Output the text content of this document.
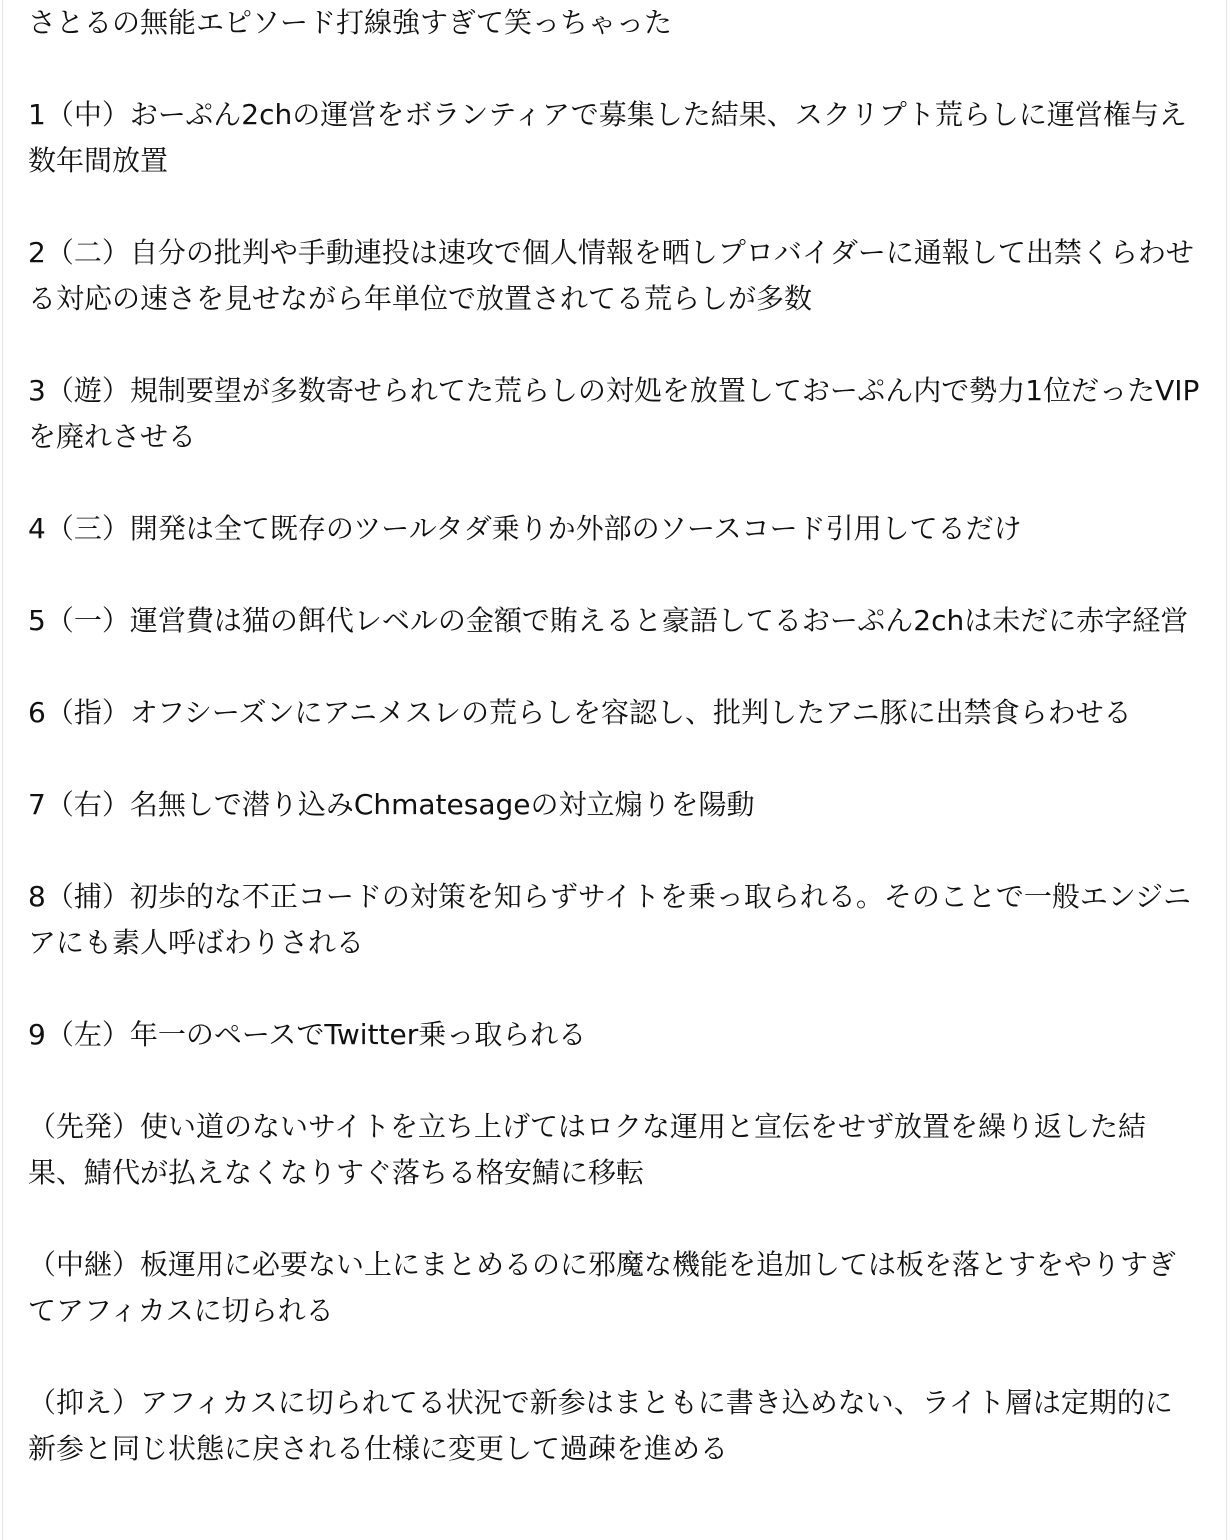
さとるの無能エピソード打線強すぎて笑っちゃった

1（中）おーぷん2chの運営をボランティアで募集した結果、スクリプト荒らしに運営権与え数年間放置

2（二）自分の批判や手動連投は速攻で個人情報を晒しプロバイダーに通報して出禁くらわせる対応の速さを見せながら年単位で放置されてる荒らしが多数

3（遊）規制要望が多数寄せられてた荒らしの対処を放置しておーぷん内で勢力1位だったVIPを廃れさせる

4（三）開発は全て既存のツールタダ乗りか外部のソースコード引用してるだけ

5（一）運営費は猫の餌代レベルの金額で賄えると豪語してるおーぷん2chは未だに赤字経営

6（指）オフシーズンにアニメスレの荒らしを容認し、批判したアニ豚に出禁食らわせる

7（右）名無しで潜り込みChmatesageの対立煽りを陽動

8（捕）初歩的な不正コードの対策を知らずサイトを乗っ取られる。そのことで一般エンジニアにも素人呼ばわりされる

9（左）年一のペースでTwitter乗っ取られる

（先発）使い道のないサイトを立ち上げてはロクな運用と宣伝をせず放置を繰り返した結果、鯖代が払えなくなりすぐ落ちる格安鯖に移転

（中継）板運用に必要ない上にまとめるのに邪魔な機能を追加しては板を落とすをやりすぎてアフィカスに切られる

（抑え）アフィカスに切られてる状況で新参はまともに書き込めない、ライト層は定期的に新参と同じ状態に戻される仕様に変更して過疎を進める
